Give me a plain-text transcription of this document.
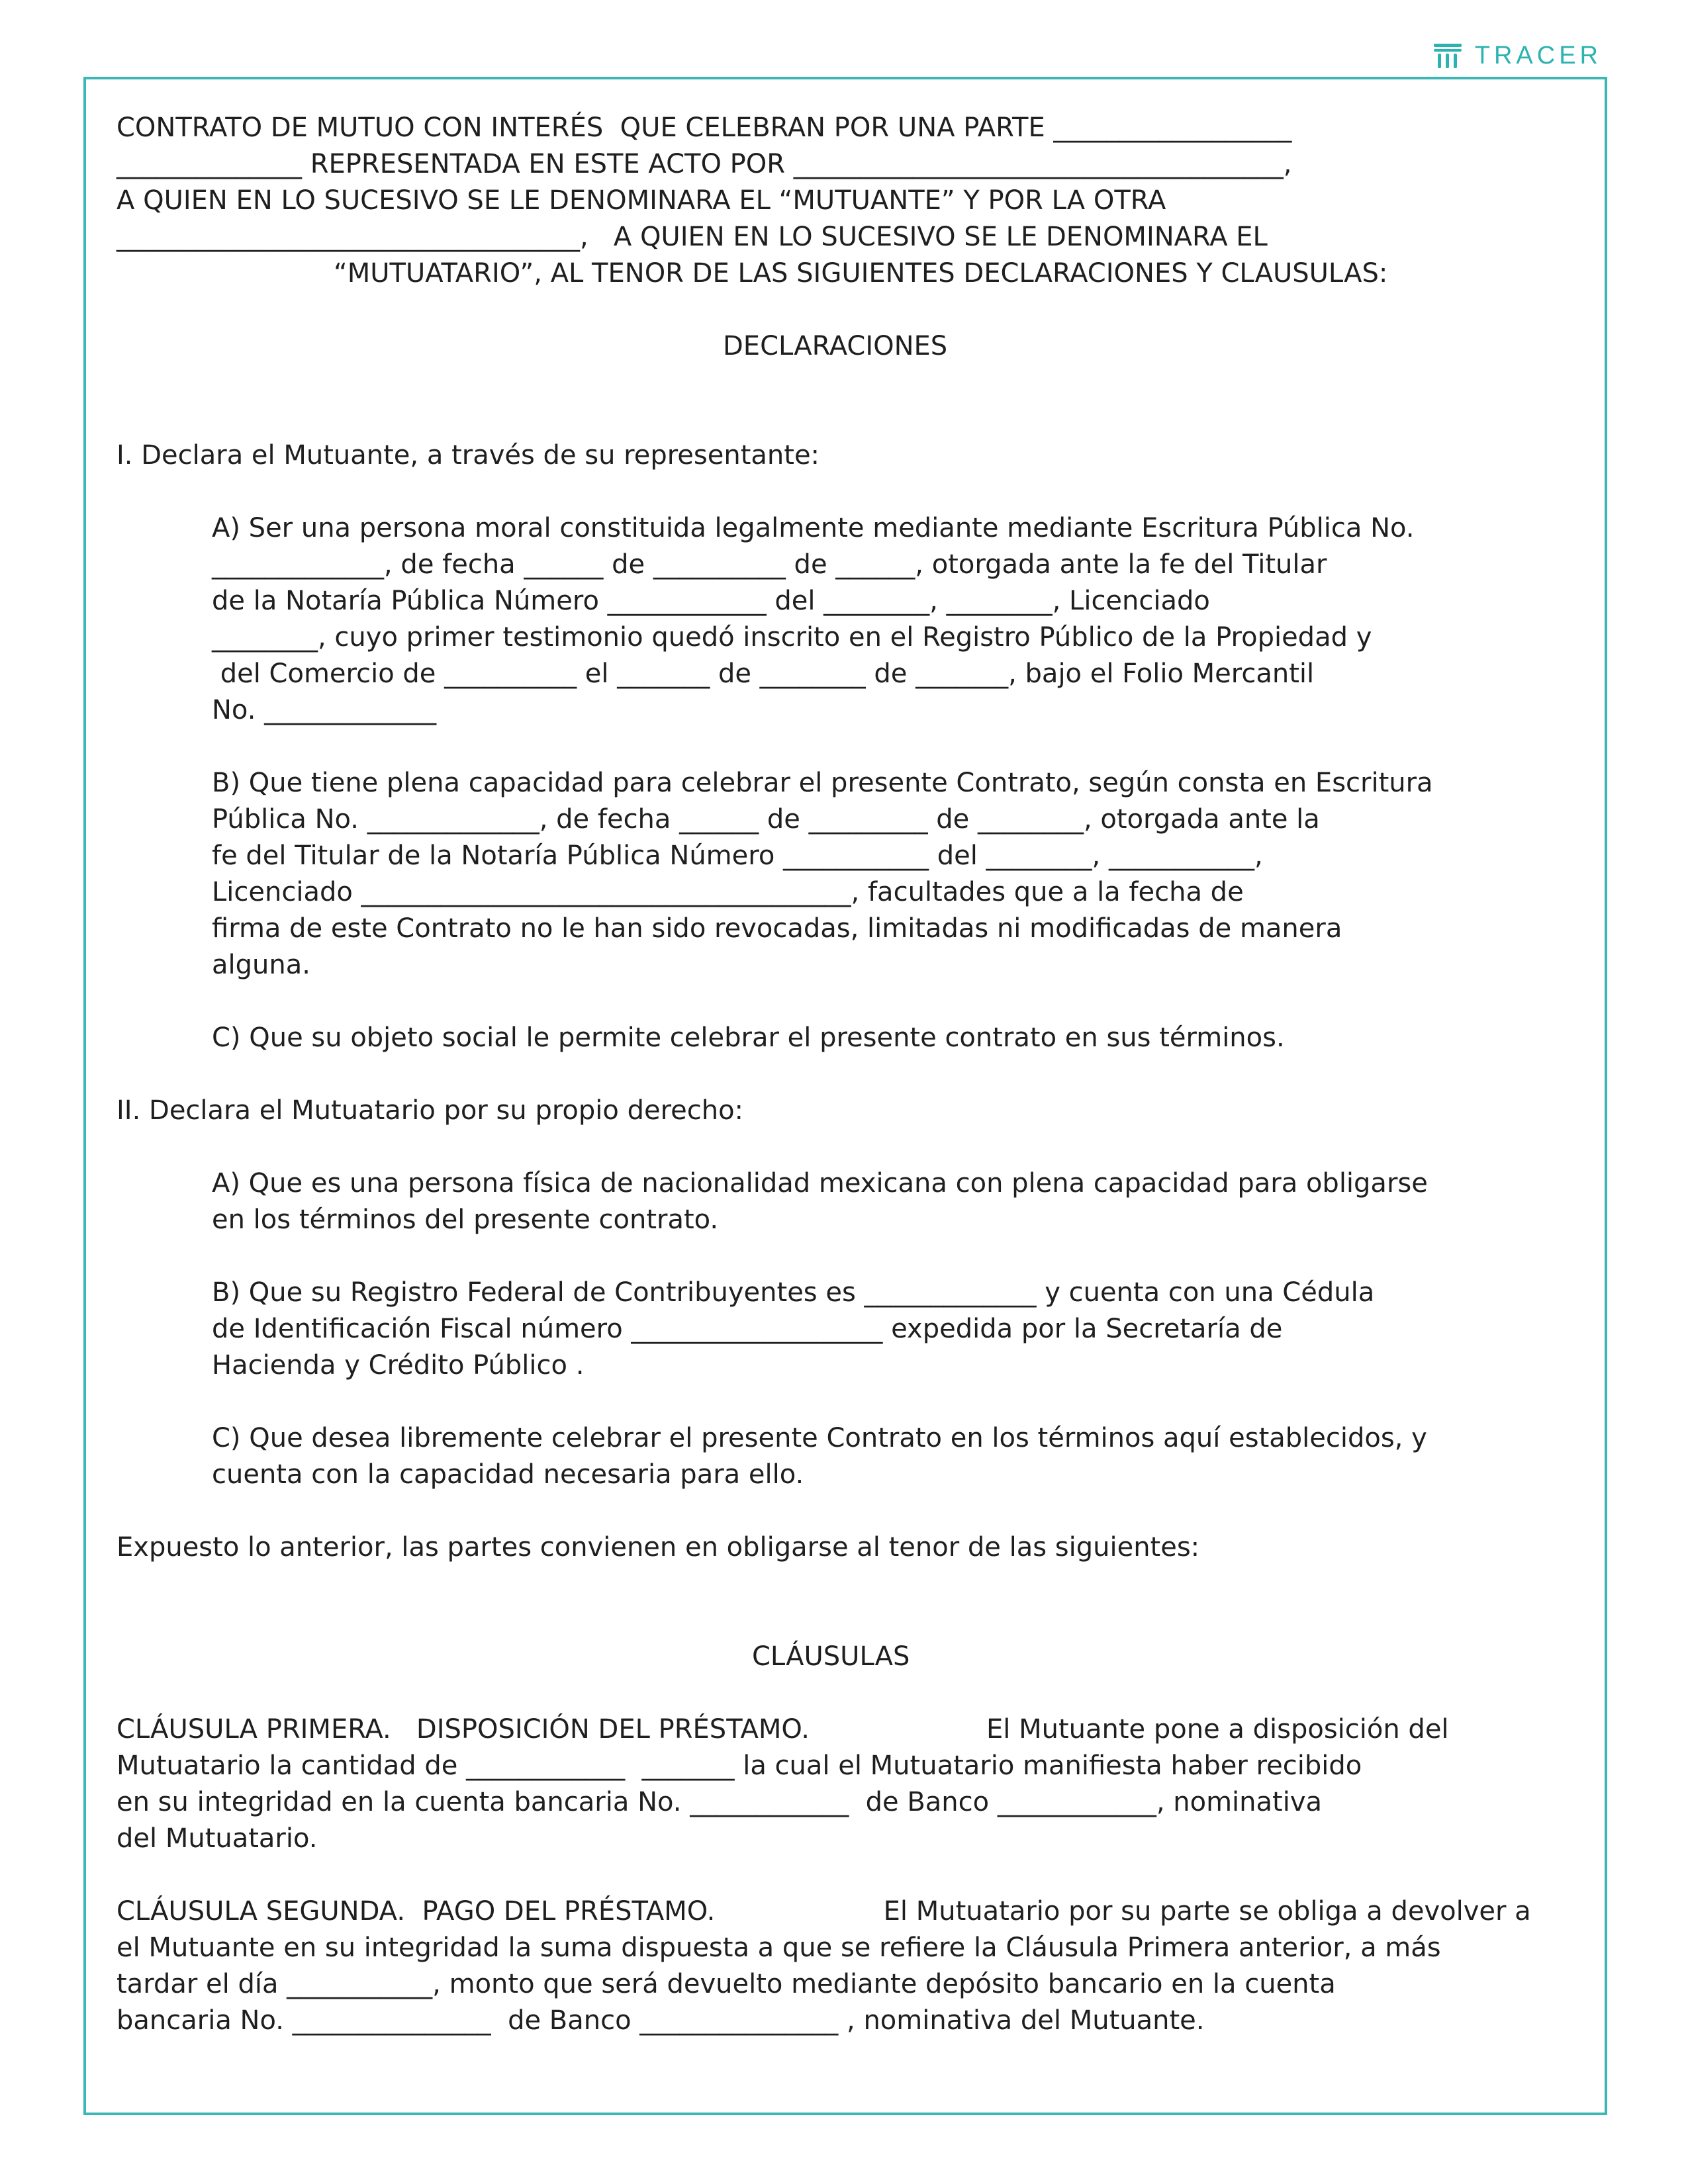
TRACER
CONTRATO DE MUTUO CON INTERÉS  QUE CELEBRAN POR UNA PARTE __________________
______________ REPRESENTADA EN ESTE ACTO POR _____________________________________,
A QUIEN EN LO SUCESIVO SE LE DENOMINARA EL “MUTUANTE” Y POR LA OTRA
___________________________________,   A QUIEN EN LO SUCESIVO SE LE DENOMINARA EL
“MUTUATARIO”, AL TENOR DE LAS SIGUIENTES DECLARACIONES Y CLAUSULAS:
DECLARACIONES
I. Declara el Mutuante, a través de su representante:
A) Ser una persona moral constituida legalmente mediante mediante Escritura Pública No.
_____________, de fecha ______ de __________ de ______, otorgada ante la fe del Titular
de la Notaría Pública Número ____________ del ________, ________, Licenciado
________, cuyo primer testimonio quedó inscrito en el Registro Público de la Propiedad y
del Comercio de __________ el _______ de ________ de _______, bajo el Folio Mercantil
No. _____________
B) Que tiene plena capacidad para celebrar el presente Contrato, según consta en Escritura
Pública No. _____________, de fecha ______ de _________ de ________, otorgada ante la
fe del Titular de la Notaría Pública Número ___________ del ________, ___________,
Licenciado _____________________________________, facultades que a la fecha de
firma de este Contrato no le han sido revocadas, limitadas ni modificadas de manera
alguna.
C) Que su objeto social le permite celebrar el presente contrato en sus términos.
II. Declara el Mutuatario por su propio derecho:
A) Que es una persona física de nacionalidad mexicana con plena capacidad para obligarse
en los términos del presente contrato.
B) Que su Registro Federal de Contribuyentes es _____________ y cuenta con una Cédula
de Identificación Fiscal número ___________________ expedida por la Secretaría de
Hacienda y Crédito Público .
C) Que desea libremente celebrar el presente Contrato en los términos aquí establecidos, y
cuenta con la capacidad necesaria para ello.
Expuesto lo anterior, las partes convienen en obligarse al tenor de las siguientes:
CLÁUSULAS
CLÁUSULA PRIMERA.   DISPOSICIÓN DEL PRÉSTAMO.                     El Mutuante pone a disposición del
Mutuatario la cantidad de ____________  _______ la cual el Mutuatario manifiesta haber recibido
en su integridad en la cuenta bancaria No. ____________  de Banco ____________, nominativa
del Mutuatario.
CLÁUSULA SEGUNDA.  PAGO DEL PRÉSTAMO.                    El Mutuatario por su parte se obliga a devolver a
el Mutuante en su integridad la suma dispuesta a que se refiere la Cláusula Primera anterior, a más
tardar el día ___________, monto que será devuelto mediante depósito bancario en la cuenta
bancaria No. _______________  de Banco _______________ , nominativa del Mutuante.
